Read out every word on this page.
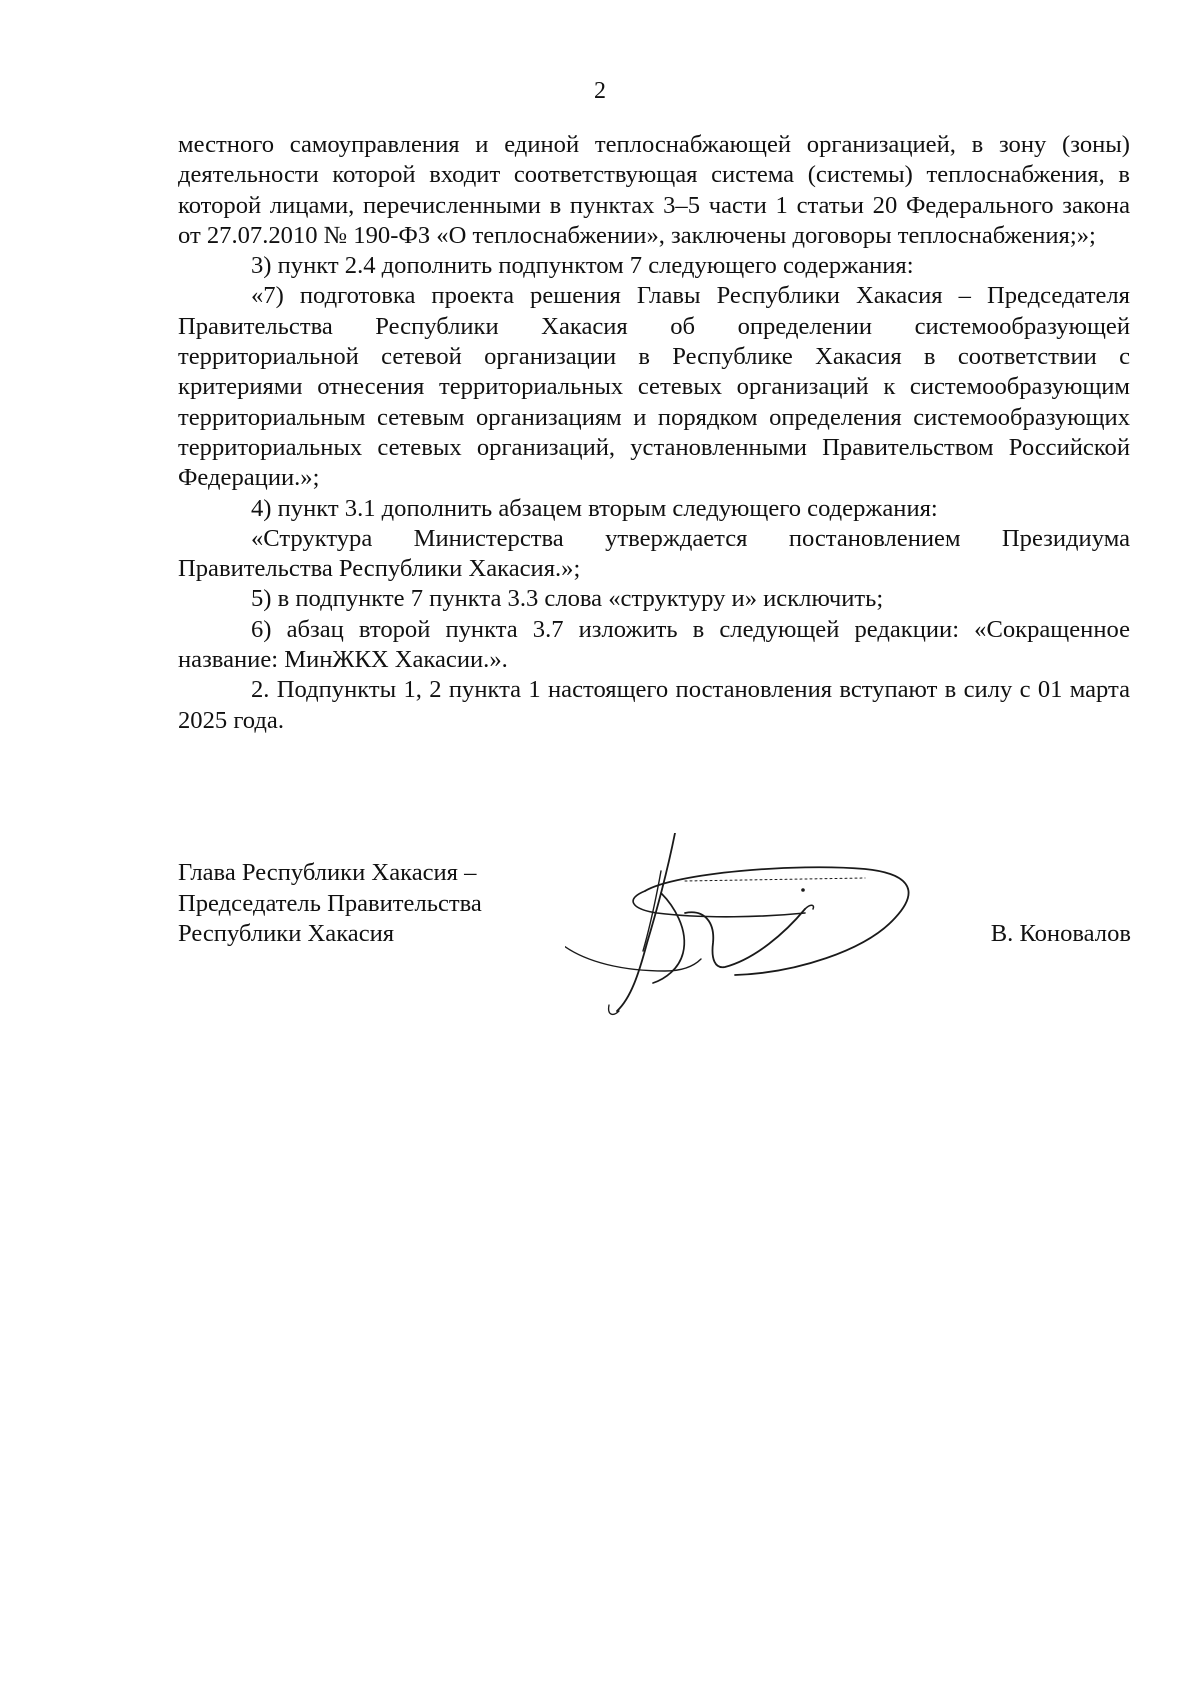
2

местного самоуправления и единой теплоснабжающей организацией, в зону (зоны) деятельности которой входит соответствующая система (системы) теплоснабжения, в которой лицами, перечисленными в пунктах 3–5 части 1 статьи 20 Федерального закона от 27.07.2010 № 190-ФЗ «О теплоснабжении», заключены договоры теплоснабжения;»;

3) пункт 2.4 дополнить подпунктом 7 следующего содержания:

«7) подготовка проекта решения Главы Республики Хакасия – Председателя Правительства Республики Хакасия об определении системообразующей территориальной сетевой организации в Республике Хакасия в соответствии с критериями отнесения территориальных сетевых организаций к системообразующим территориальным сетевым организациям и порядком определения системообразующих территориальных сетевых организаций, установленными Правительством Российской Федерации.»;

4) пункт 3.1 дополнить абзацем вторым следующего содержания:

«Структура Министерства утверждается постановлением Президиума Правительства Республики Хакасия.»;

5) в подпункте 7 пункта 3.3 слова «структуру и» исключить;

6) абзац второй пункта 3.7 изложить в следующей редакции: «Сокращенное название: МинЖКХ Хакасии.».

2. Подпункты 1, 2 пункта 1 настоящего постановления вступают в силу с 01 марта 2025 года.

Глава Республики Хакасия –
Председатель Правительства
Республики Хакасия	В. Коновалов
